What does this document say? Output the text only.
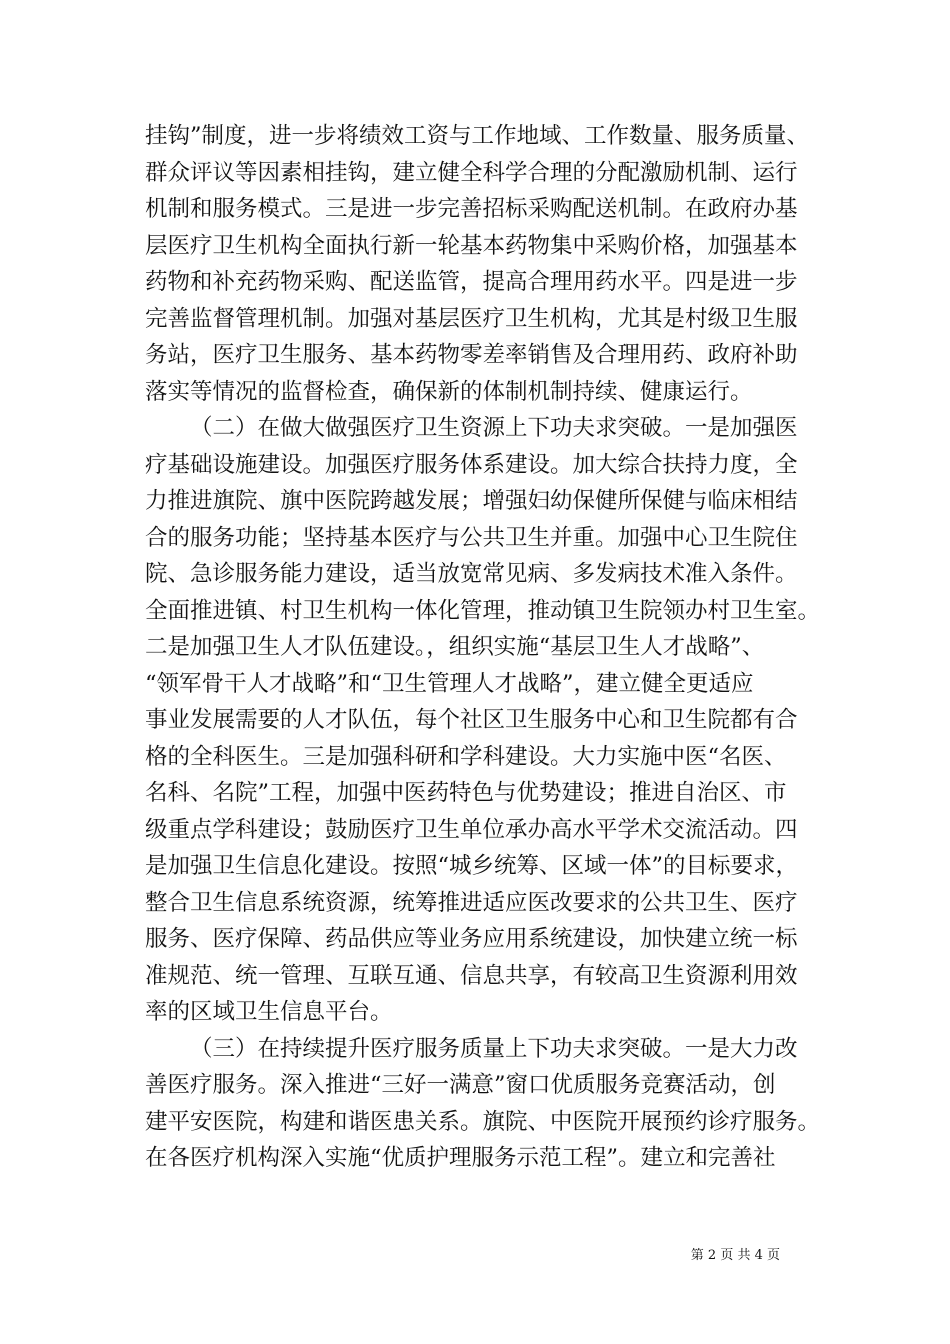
挂钩”制度，进一步将绩效工资与工作地域、工作数量、服务质量、
群众评议等因素相挂钩，建立健全科学合理的分配激励机制、运行
机制和服务模式。三是进一步完善招标采购配送机制。在政府办基
层医疗卫生机构全面执行新一轮基本药物集中采购价格，加强基本
药物和补充药物采购、配送监管，提高合理用药水平。四是进一步
完善监督管理机制。加强对基层医疗卫生机构，尤其是村级卫生服
务站，医疗卫生服务、基本药物零差率销售及合理用药、政府补助
落实等情况的监督检查，确保新的体制机制持续、健康运行。
（二）在做大做强医疗卫生资源上下功夫求突破。一是加强医
疗基础设施建设。加强医疗服务体系建设。加大综合扶持力度，全
力推进旗院、旗中医院跨越发展；增强妇幼保健所保健与临床相结
合的服务功能；坚持基本医疗与公共卫生并重。加强中心卫生院住
院、急诊服务能力建设，适当放宽常见病、多发病技术准入条件。
全面推进镇、村卫生机构一体化管理，推动镇卫生院领办村卫生室。
二是加强卫生人才队伍建设。，组织实施“基层卫生人才战略”、
“领军骨干人才战略”和“卫生管理人才战略”，建立健全更适应
事业发展需要的人才队伍，每个社区卫生服务中心和卫生院都有合
格的全科医生。三是加强科研和学科建设。大力实施中医“名医、
名科、名院”工程，加强中医药特色与优势建设；推进自治区、市
级重点学科建设；鼓励医疗卫生单位承办高水平学术交流活动。四
是加强卫生信息化建设。按照“城乡统筹、区域一体”的目标要求，
整合卫生信息系统资源，统筹推进适应医改要求的公共卫生、医疗
服务、医疗保障、药品供应等业务应用系统建设，加快建立统一标
准规范、统一管理、互联互通、信息共享，有较高卫生资源利用效
率的区域卫生信息平台。
（三）在持续提升医疗服务质量上下功夫求突破。一是大力改
善医疗服务。深入推进“三好一满意”窗口优质服务竞赛活动，创
建平安医院，构建和谐医患关系。旗院、中医院开展预约诊疗服务。
在各医疗机构深入实施“优质护理服务示范工程”。建立和完善社
第 2 页 共 4 页
